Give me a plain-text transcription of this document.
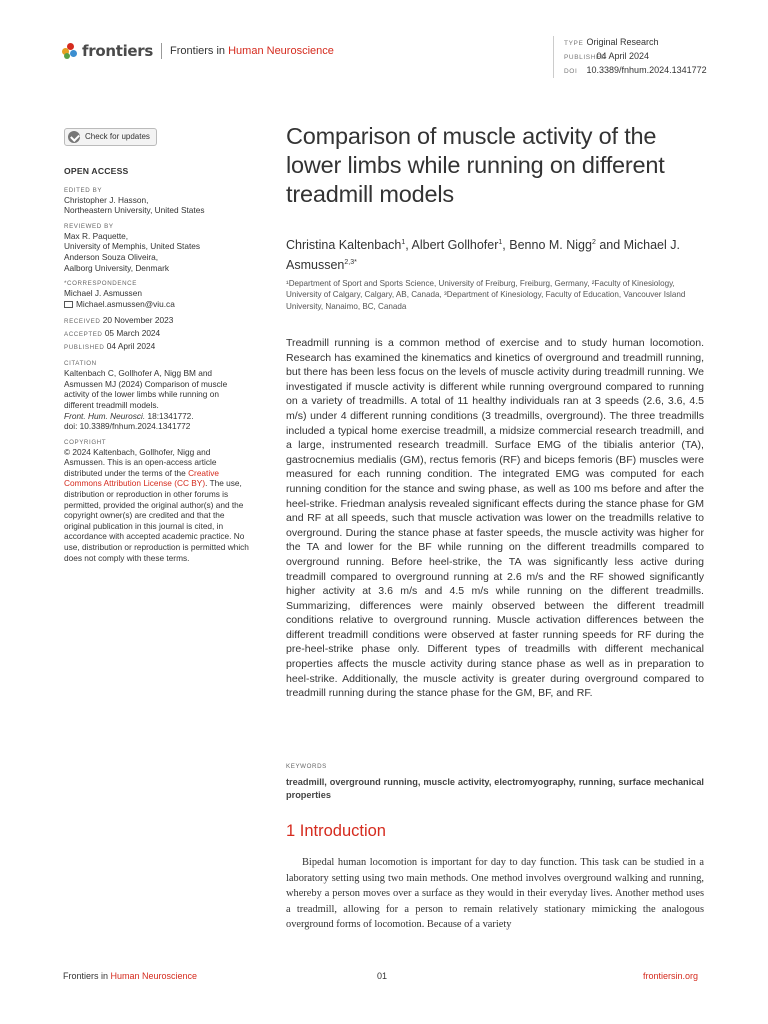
frontiers Frontiers in Human Neuroscience
TYPE Original Research
PUBLISHED 04 April 2024
DOI 10.3389/fnhum.2024.1341772
Check for updates
OPEN ACCESS
EDITED BY
Christopher J. Hasson,
Northeastern University, United States
REVIEWED BY
Max R. Paquette,
University of Memphis, United States
Anderson Souza Oliveira,
Aalborg University, Denmark
*CORRESPONDENCE
Michael J. Asmussen
Michael.asmussen@viu.ca
RECEIVED 20 November 2023
ACCEPTED 05 March 2024
PUBLISHED 04 April 2024
CITATION
Kaltenbach C, Gollhofer A, Nigg BM and
Asmussen MJ (2024) Comparison of muscle
activity of the lower limbs while running on
different treadmill models.
Front. Hum. Neurosci. 18:1341772.
doi: 10.3389/fnhum.2024.1341772
COPYRIGHT
© 2024 Kaltenbach, Gollhofer, Nigg and
Asmussen. This is an open-access article
distributed under the terms of the Creative Commons Attribution License (CC BY). The use, distribution or reproduction in other forums is permitted, provided the original author(s) and the copyright owner(s) are credited and that the original publication in this journal is cited, in accordance with accepted academic practice. No use, distribution or reproduction is permitted which does not comply with these terms.
Comparison of muscle activity of the lower limbs while running on different treadmill models
Christina Kaltenbach$^1$, Albert Gollhofer$^1$, Benno M. Nigg$^2$ and Michael J. Asmussen$^{2,3*}$
¹Department of Sport and Sports Science, University of Freiburg, Freiburg, Germany, ²Faculty of Kinesiology, University of Calgary, Calgary, AB, Canada, ³Department of Kinesiology, Faculty of Education, Vancouver Island University, Nanaimo, BC, Canada
Treadmill running is a common method of exercise and to study human locomotion. Research has examined the kinematics and kinetics of overground and treadmill running, but there has been less focus on the levels of muscle activity during treadmill running. We investigated if muscle activity is different while running overground compared to running on a variety of treadmills. A total of 11 healthy individuals ran at 3 speeds (2.6, 3.6, 4.5 m/s) under 4 different running conditions (3 treadmills, overground). The three treadmills included a typical home exercise treadmill, a midsize commercial research treadmill, and a large, instrumented research treadmill. Surface EMG of the tibialis anterior (TA), gastrocnemius medialis (GM), rectus femoris (RF) and biceps femoris (BF) muscles were measured for each running condition. The integrated EMG was computed for each running condition for the stance and swing phase, as well as 100 ms before and after the heel-strike. Friedman analysis revealed significant effects during the stance phase for GM and RF at all speeds, such that muscle activation was lower on the treadmills relative to overground. During the stance phase at faster speeds, the muscle activity was higher for the TA and lower for the BF while running on the different treadmills compared to overground running. Before heel-strike, the TA was significantly less active during treadmill compared to overground running at 2.6 m/s and the RF showed significantly higher activity at 3.6 m/s and 4.5 m/s while running on the different treadmills. Summarizing, differences were mainly observed between the different treadmill conditions relative to overground running. Muscle activation differences between the different treadmill conditions were observed at faster running speeds for RF during the pre-heel-strike phase only. Different types of treadmills with different mechanical properties affects the muscle activity during stance phase as well as in preparation to heel-strike. Additionally, the muscle activity is greater during overground compared to treadmill running during the stance phase for the GM, BF, and RF.
KEYWORDS
treadmill, overground running, muscle activity, electromyography, running, surface mechanical properties
1 Introduction
Bipedal human locomotion is important for day to day function. This task can be studied in a laboratory setting using two main methods. One method involves overground walking and running, whereby a person moves over a surface as they would in their everyday lives. Another method uses a treadmill, allowing for a person to remain relatively stationary mimicking the analogous overground forms of locomotion. Because of a variety
Frontiers in Human Neuroscience	01	frontiersin.org
